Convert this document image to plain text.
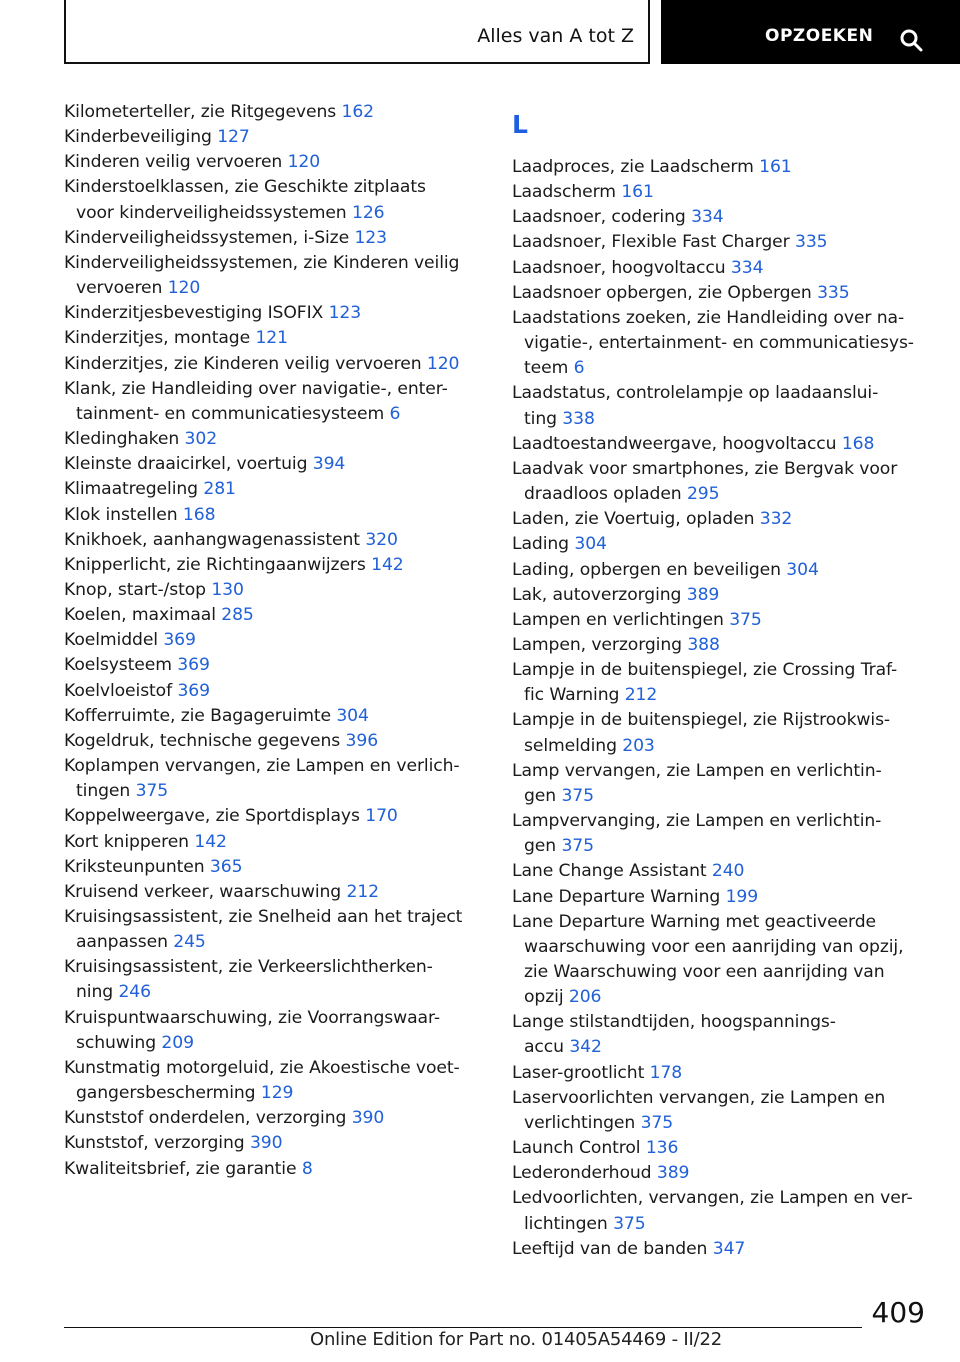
Alles van A tot Z	OPZOEKEN
Kilometerteller, zie Ritgegevens 162
Kinderbeveiliging 127
Kinderen veilig vervoeren 120
Kinderstoelklassen, zie Geschikte zitplaats
voor kinderveiligheidssystemen 126
Kinderveiligheidssystemen, i-Size 123
Kinderveiligheidssystemen, zie Kinderen veilig
vervoeren 120
Kinderzitjesbevestiging ISOFIX 123
Kinderzitjes, montage 121
Kinderzitjes, zie Kinderen veilig vervoeren 120
Klank, zie Handleiding over navigatie-, enter-
tainment- en communicatiesysteem 6
Kledinghaken 302
Kleinste draaicirkel, voertuig 394
Klimaatregeling 281
Klok instellen 168
Knikhoek, aanhangwagenassistent 320
Knipperlicht, zie Richtingaanwijzers 142
Knop, start-/stop 130
Koelen, maximaal 285
Koelmiddel 369
Koelsysteem 369
Koelvloeistof 369
Kofferruimte, zie Bagageruimte 304
Kogeldruk, technische gegevens 396
Koplampen vervangen, zie Lampen en verlich-
tingen 375
Koppelweergave, zie Sportdisplays 170
Kort knipperen 142
Kriksteunpunten 365
Kruisend verkeer, waarschuwing 212
Kruisingsassistent, zie Snelheid aan het traject
aanpassen 245
Kruisingsassistent, zie Verkeerslichtherken-
ning 246
Kruispuntwaarschuwing, zie Voorrangswaar-
schuwing 209
Kunstmatig motorgeluid, zie Akoestische voet-
gangersbescherming 129
Kunststof onderdelen, verzorging 390
Kunststof, verzorging 390
Kwaliteitsbrief, zie garantie 8
L
Laadproces, zie Laadscherm 161
Laadscherm 161
Laadsnoer, codering 334
Laadsnoer, Flexible Fast Charger 335
Laadsnoer, hoogvoltaccu 334
Laadsnoer opbergen, zie Opbergen 335
Laadstations zoeken, zie Handleiding over na-
vigatie-, entertainment- en communicatiesys-
teem 6
Laadstatus, controlelampje op laadaanslui-
ting 338
Laadtoestandweergave, hoogvoltaccu 168
Laadvak voor smartphones, zie Bergvak voor
draadloos opladen 295
Laden, zie Voertuig, opladen 332
Lading 304
Lading, opbergen en beveiligen 304
Lak, autoverzorging 389
Lampen en verlichtingen 375
Lampen, verzorging 388
Lampje in de buitenspiegel, zie Crossing Traf-
fic Warning 212
Lampje in de buitenspiegel, zie Rijstrookwis-
selmelding 203
Lamp vervangen, zie Lampen en verlichtin-
gen 375
Lampvervanging, zie Lampen en verlichtin-
gen 375
Lane Change Assistant 240
Lane Departure Warning 199
Lane Departure Warning met geactiveerde
waarschuwing voor een aanrijding van opzij,
zie Waarschuwing voor een aanrijding van
opzij 206
Lange stilstandtijden, hoogspannings-
accu 342
Laser-grootlicht 178
Laservoorlichten vervangen, zie Lampen en
verlichtingen 375
Launch Control 136
Lederonderhoud 389
Ledvoorlichten, vervangen, zie Lampen en ver-
lichtingen 375
Leeftijd van de banden 347
409
Online Edition for Part no. 01405A54469 - II/22
